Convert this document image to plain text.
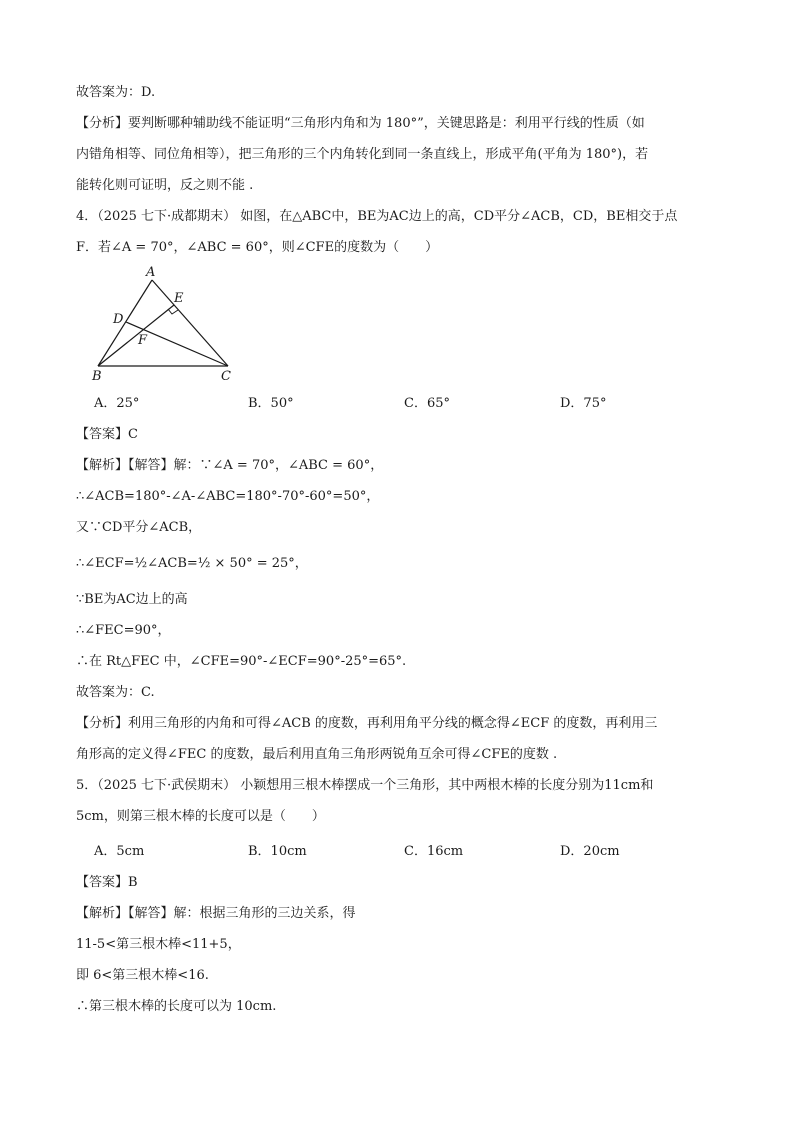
故答案为：D.
【分析】要判断哪种辅助线不能证明“三角形内角和为 180°”，关键思路是：利用平行线的性质（如
内错角相等、同位角相等），把三角形的三个内角转化到同一条直线上，形成平角(平角为 180°)，若
能转化则可证明，反之则不能 .
4．（2025 七下·成都期末） 如图，在△ABC中，BE为AC边上的高，CD平分∠ACB，CD，BE相交于点
F．若∠A = 70°，∠ABC = 60°，则∠CFE的度数为（　　）
A
B	C
D
E
F
A．25°	B．50°	C．65°	D．75°
【答案】C
【解析】【解答】解：∵∠A = 70°，∠ABC = 60°，
∴∠ACB=180°-∠A-∠ABC=180°-70°-60°=50°，
又∵CD平分∠ACB，
∴∠ECF=½∠ACB=½ × 50° = 25°，
∵BE为AC边上的高
∴∠FEC=90°，
∴在 Rt△FEC 中，∠CFE=90°-∠ECF=90°-25°=65°.
故答案为：C.
【分析】利用三角形的内角和可得∠ACB 的度数，再利用角平分线的概念得∠ECF 的度数，再利用三
角形高的定义得∠FEC 的度数，最后利用直角三角形两锐角互余可得∠CFE的度数 .
5．（2025 七下·武侯期末） 小颖想用三根木棒摆成一个三角形，其中两根木棒的长度分别为11cm和
5cm，则第三根木棒的长度可以是（　　）
A．5cm	B．10cm	C．16cm	D．20cm
【答案】B
【解析】【解答】解：根据三角形的三边关系，得
11-5<第三根木棒<11+5，
即 6<第三根木棒<16.
∴第三根木棒的长度可以为 10cm.
